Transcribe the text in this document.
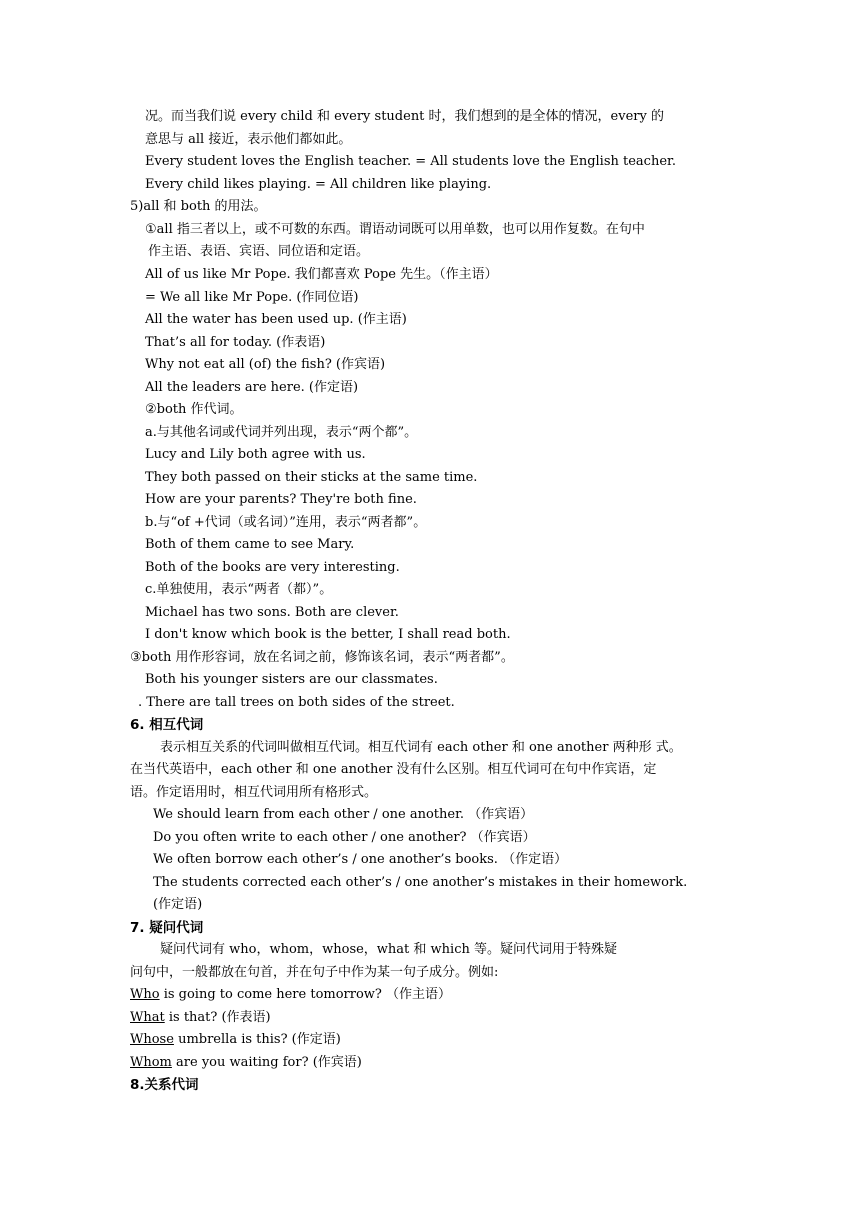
况。而当我们说 every child 和 every student 时，我们想到的是全体的情况，every 的
意思与 all 接近，表示他们都如此。
Every student loves the English teacher. = All students love the English teacher.
Every child likes playing. = All children like playing.
5)all 和 both 的用法。
①all 指三者以上，或不可数的东西。谓语动词既可以用单数，也可以用作复数。在句中
作主语、表语、宾语、同位语和定语。
All of us like Mr Pope. 我们都喜欢 Pope 先生。（作主语）
= We all like Mr Pope. (作同位语)
All the water has been used up. (作主语)
That’s all for today. (作表语)
Why not eat all (of) the fish? (作宾语)
All the leaders are here. (作定语)
②both 作代词。
a.与其他名词或代词并列出现，表示“两个都”。
Lucy and Lily both agree with us.
They both passed on their sticks at the same time.
How are your parents? They're both fine.
b.与“of +代词（或名词）”连用，表示“两者都”。
Both of them came to see Mary.
Both of the books are very interesting.
c.单独使用，表示“两者（都）”。
Michael has two sons. Both are clever.
I don't know which book is the better, I shall read both.
③both 用作形容词，放在名词之前，修饰该名词，表示“两者都”。
Both his younger sisters are our classmates.
. There are tall trees on both sides of the street.
6. 相互代词
表示相互关系的代词叫做相互代词。相互代词有 each other 和 one another 两种形 式。
在当代英语中，each other 和 one another 没有什么区别。相互代词可在句中作宾语，定
语。作定语用时，相互代词用所有格形式。
We should learn from each other / one another. （作宾语）
Do you often write to each other / one another? （作宾语）
We often borrow each other’s / one another’s books. （作定语）
The students corrected each other’s / one another’s mistakes in their homework.
(作定语)
7. 疑问代词
疑问代词有 who，whom，whose，what 和 which 等。疑问代词用于特殊疑
问句中，一般都放在句首，并在句子中作为某一句子成分。例如:
Who is going to come here tomorrow? （作主语）
What is that? (作表语)
Whose umbrella is this? (作定语)
Whom are you waiting for? (作宾语)
8.关系代词
